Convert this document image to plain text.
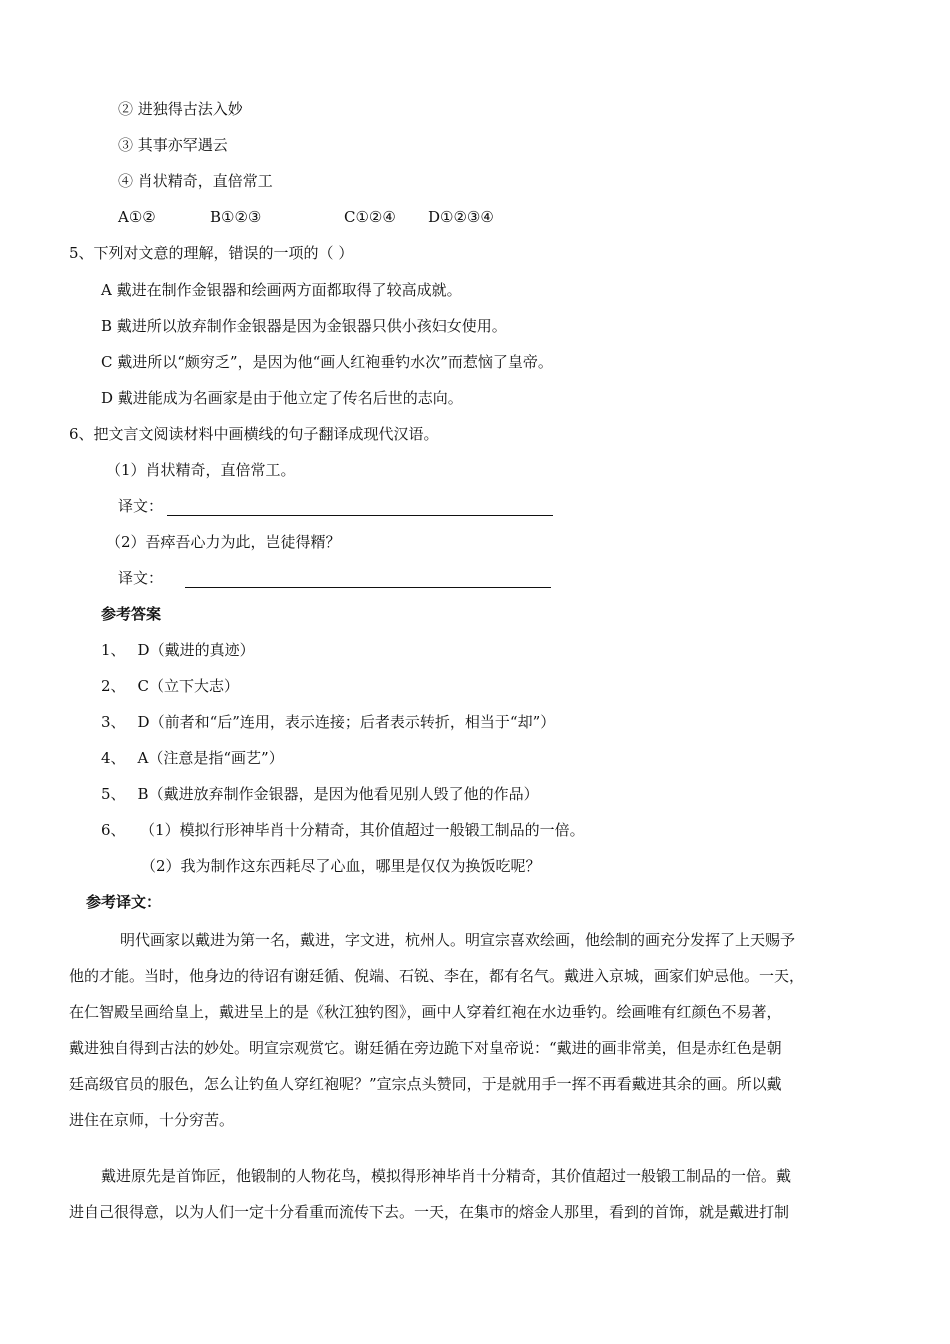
② 进独得古法入妙
③ 其事亦罕遇云
④ 肖状精奇，直倍常工
A①②	B①②③	C①②④ D①②③④
5、下列对文意的理解，错误的一项的（ ）
A 戴进在制作金银器和绘画两方面都取得了较高成就。
B 戴进所以放弃制作金银器是因为金银器只供小孩妇女使用。
C 戴进所以“颇穷乏”，是因为他“画人红袍垂钓水次”而惹恼了皇帝。
D 戴进能成为名画家是由于他立定了传名后世的志向。
6、把文言文阅读材料中画横线的句子翻译成现代汉语。
（1）肖状精奇，直倍常工。
译文：
（2）吾瘁吾心力为此，岂徒得糈？
译文：
参考答案
1、 D（戴进的真迹）
2、 C（立下大志）
3、 D（前者和“后”连用，表示连接；后者表示转折，相当于“却”）
4、 A（注意是指“画艺”）
5、 B（戴进放弃制作金银器，是因为他看见别人毁了他的作品）
6、 （1）模拟行形神毕肖十分精奇，其价值超过一般锻工制品的一倍。
（2）我为制作这东西耗尽了心血，哪里是仅仅为换饭吃呢？
参考译文：
明代画家以戴进为第一名，戴进，字文进，杭州人。明宣宗喜欢绘画，他绘制的画充分发挥了上天赐予
他的才能。当时，他身边的待诏有谢廷循、倪端、石锐、李在，都有名气。戴进入京城，画家们妒忌他。一天，
在仁智殿呈画给皇上，戴进呈上的是《秋江独钓图》，画中人穿着红袍在水边垂钓。绘画唯有红颜色不易著，
戴进独自得到古法的妙处。明宣宗观赏它。谢廷循在旁边跪下对皇帝说：“戴进的画非常美，但是赤红色是朝
廷高级官员的服色，怎么让钓鱼人穿红袍呢？”宣宗点头赞同，于是就用手一挥不再看戴进其余的画。所以戴
进住在京师，十分穷苦。
戴进原先是首饰匠，他锻制的人物花鸟，模拟得形神毕肖十分精奇，其价值超过一般锻工制品的一倍。戴
进自己很得意，以为人们一定十分看重而流传下去。一天，在集市的熔金人那里，看到的首饰，就是戴进打制
